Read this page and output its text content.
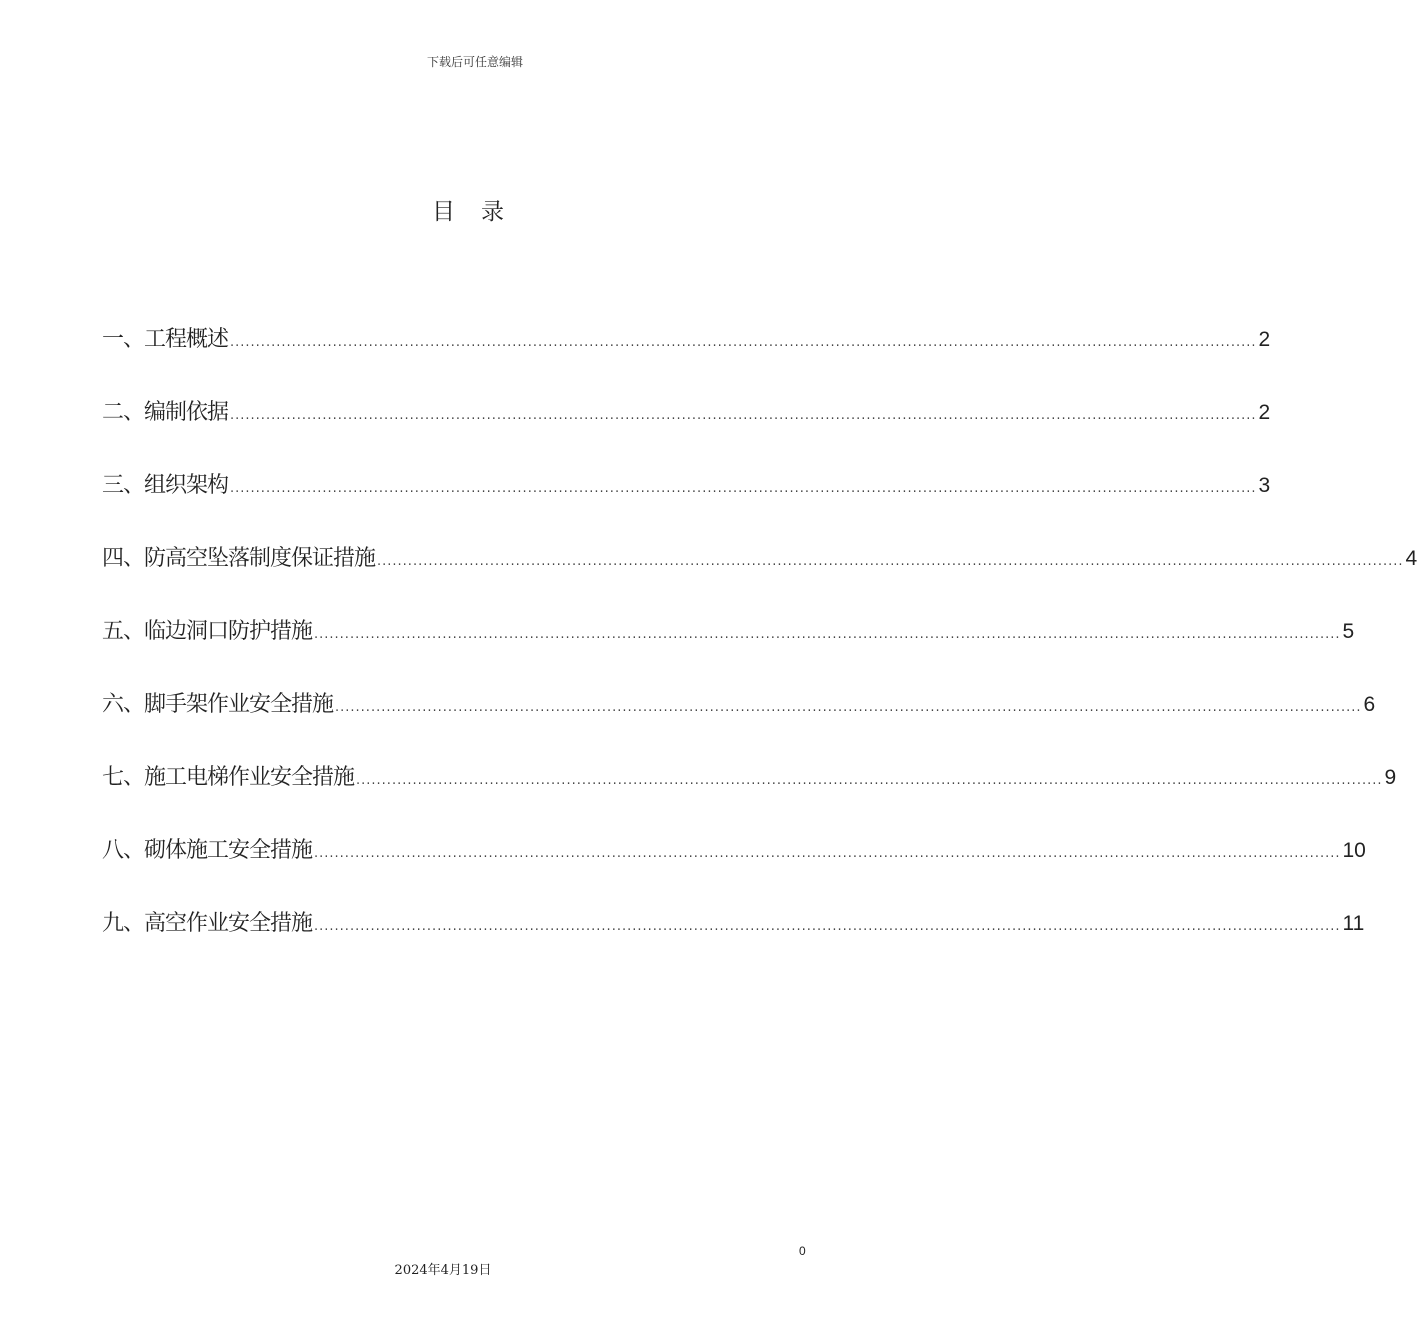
下载后可任意编辑
目录
一、工程概述 ........................................................................................................................................................................................................ 2
二、编制依据 ........................................................................................................................................................................................................ 2
三、组织架构 ........................................................................................................................................................................................................ 3
四、防高空坠落制度保证措施 ........................................................................................................................................................................................................ 4
五、临边洞口防护措施 ........................................................................................................................................................................................................ 5
六、脚手架作业安全措施 ........................................................................................................................................................................................................ 6
七、施工电梯作业安全措施 ........................................................................................................................................................................................................ 9
八、砌体施工安全措施 ........................................................................................................................................................................................................ 10
九、高空作业安全措施 ........................................................................................................................................................................................................ 11
0
2024年4月19日
